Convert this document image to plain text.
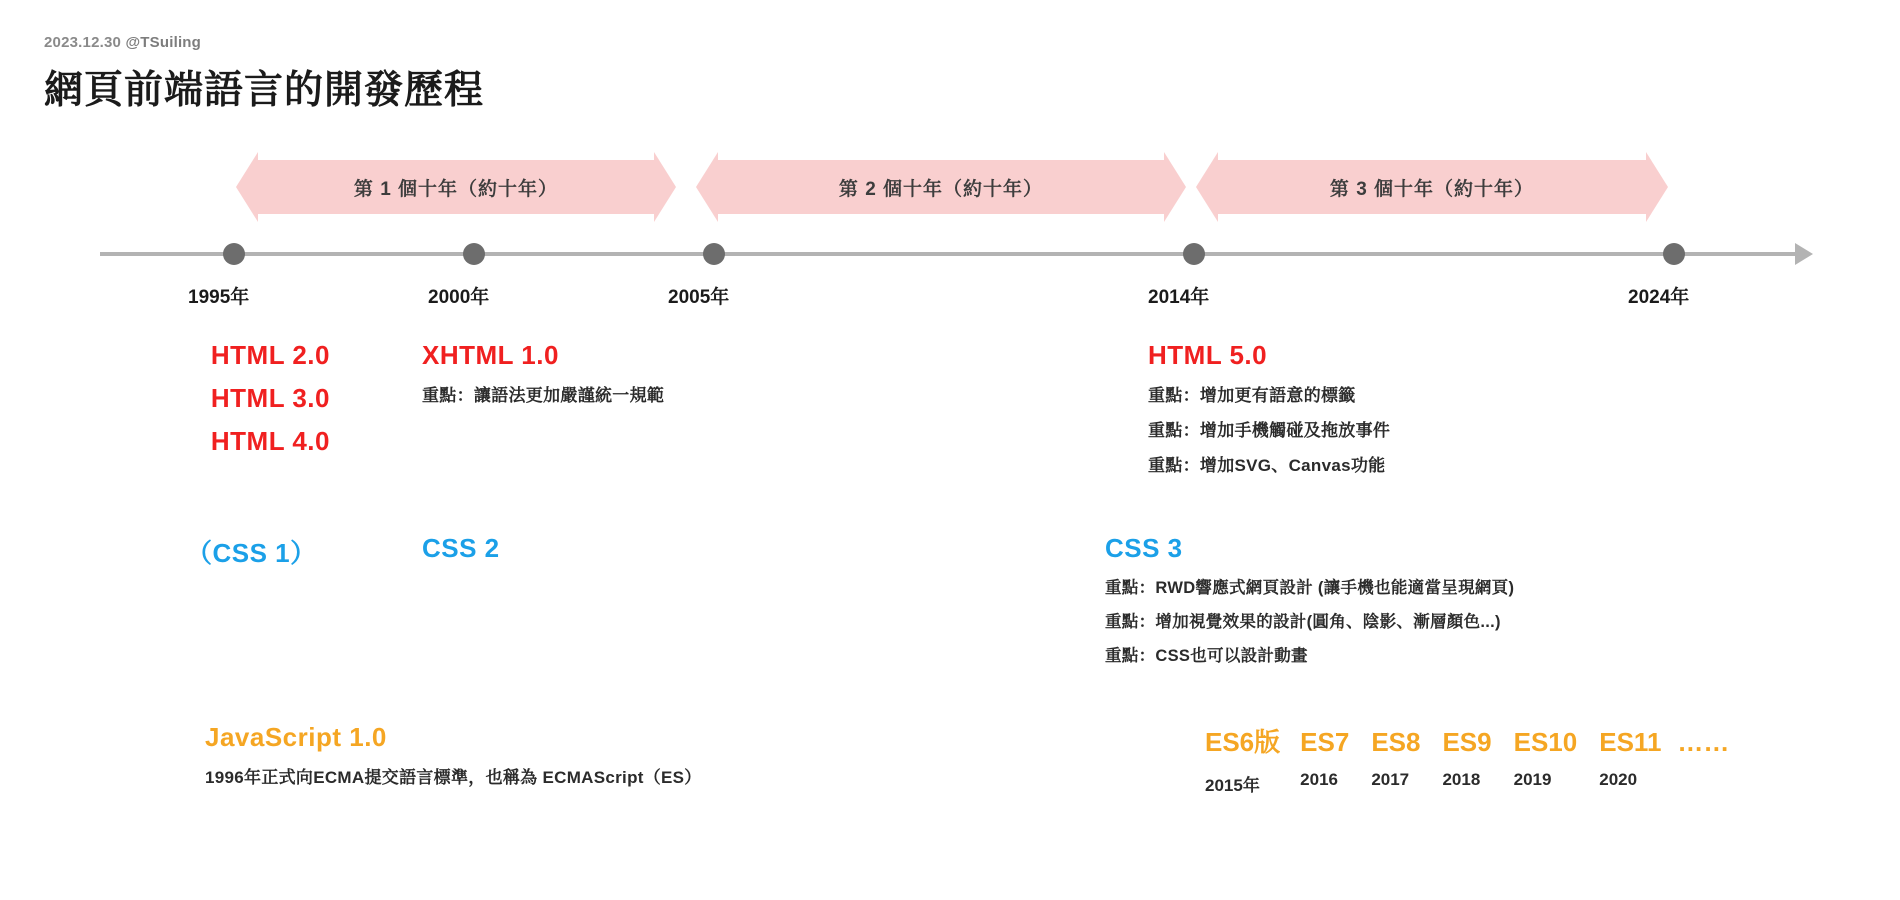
2023.12.30 @TSuiling
網頁前端語言的開發歷程
第 1 個十年（約十年）	第 2 個十年（約十年）	第 3 個十年（約十年）
1995年	2000年	2005年	2014年	2024年
HTML 2.0
HTML 3.0
HTML 4.0
XHTML 1.0
重點：讓語法更加嚴謹統一規範
HTML 5.0
重點：增加更有語意的標籤
重點：增加手機觸碰及拖放事件
重點：增加SVG、Canvas功能
（CSS 1）	CSS 2	CSS 3
重點：RWD響應式網頁設計 (讓手機也能適當呈現網頁)
重點：增加視覺效果的設計(圓角、陰影、漸層顏色...)
重點：CSS也可以設計動畫
JavaScript 1.0
1996年正式向ECMA提交語言標準，也稱為 ECMAScript（ES）
ES6版
2015年
ES7
2016
ES8
2017
ES9
2018
ES10
2019
ES11
2020
……
